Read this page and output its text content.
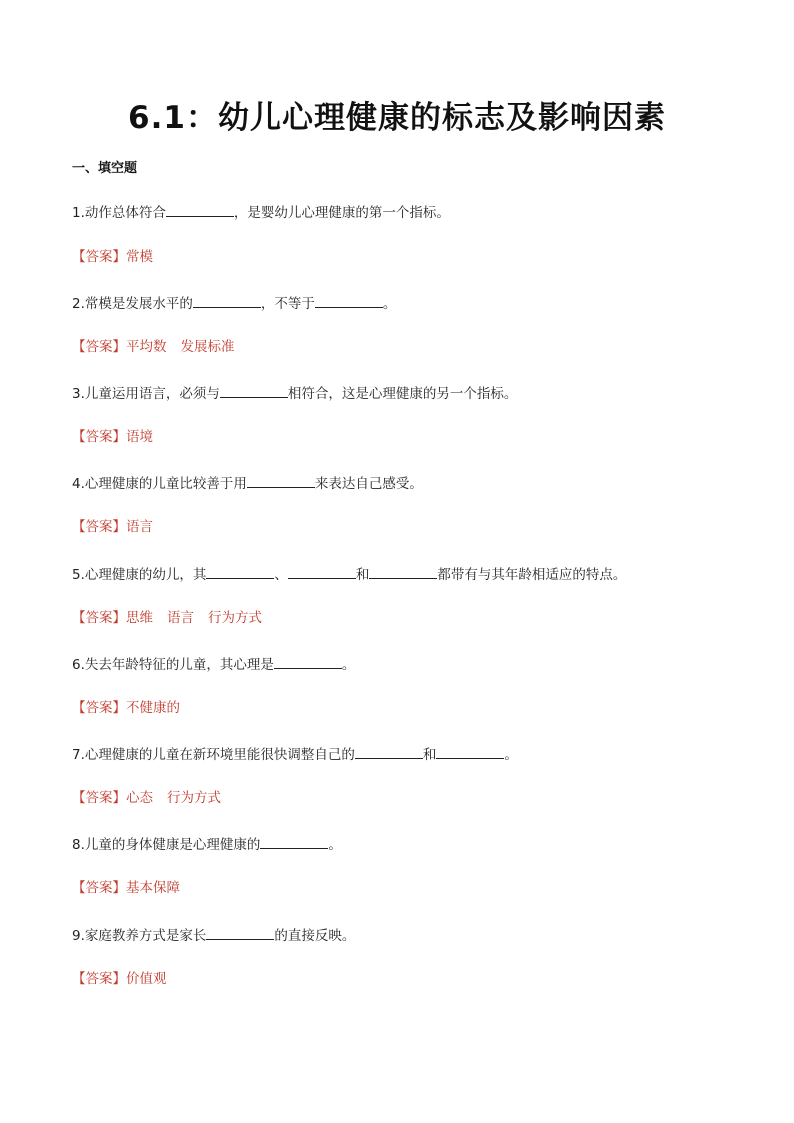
6.1：幼儿心理健康的标志及影响因素
一、填空题
1.动作总体符合	，是婴幼儿心理健康的第一个指标。
【答案】常模
2.常模是发展水平的	，不等于	。
【答案】平均数 发展标准
3.儿童运用语言，必须与	相符合，这是心理健康的另一个指标。
【答案】语境
4.心理健康的儿童比较善于用	来表达自己感受。
【答案】语言
5.心理健康的幼儿，其	、	和	都带有与其年龄相适应的特点。
【答案】思维 语言 行为方式
6.失去年龄特征的儿童，其心理是	。
【答案】不健康的
7.心理健康的儿童在新环境里能很快调整自己的	和	。
【答案】心态 行为方式
8.儿童的身体健康是心理健康的	。
【答案】基本保障
9.家庭教养方式是家长	的直接反映。
【答案】价值观
